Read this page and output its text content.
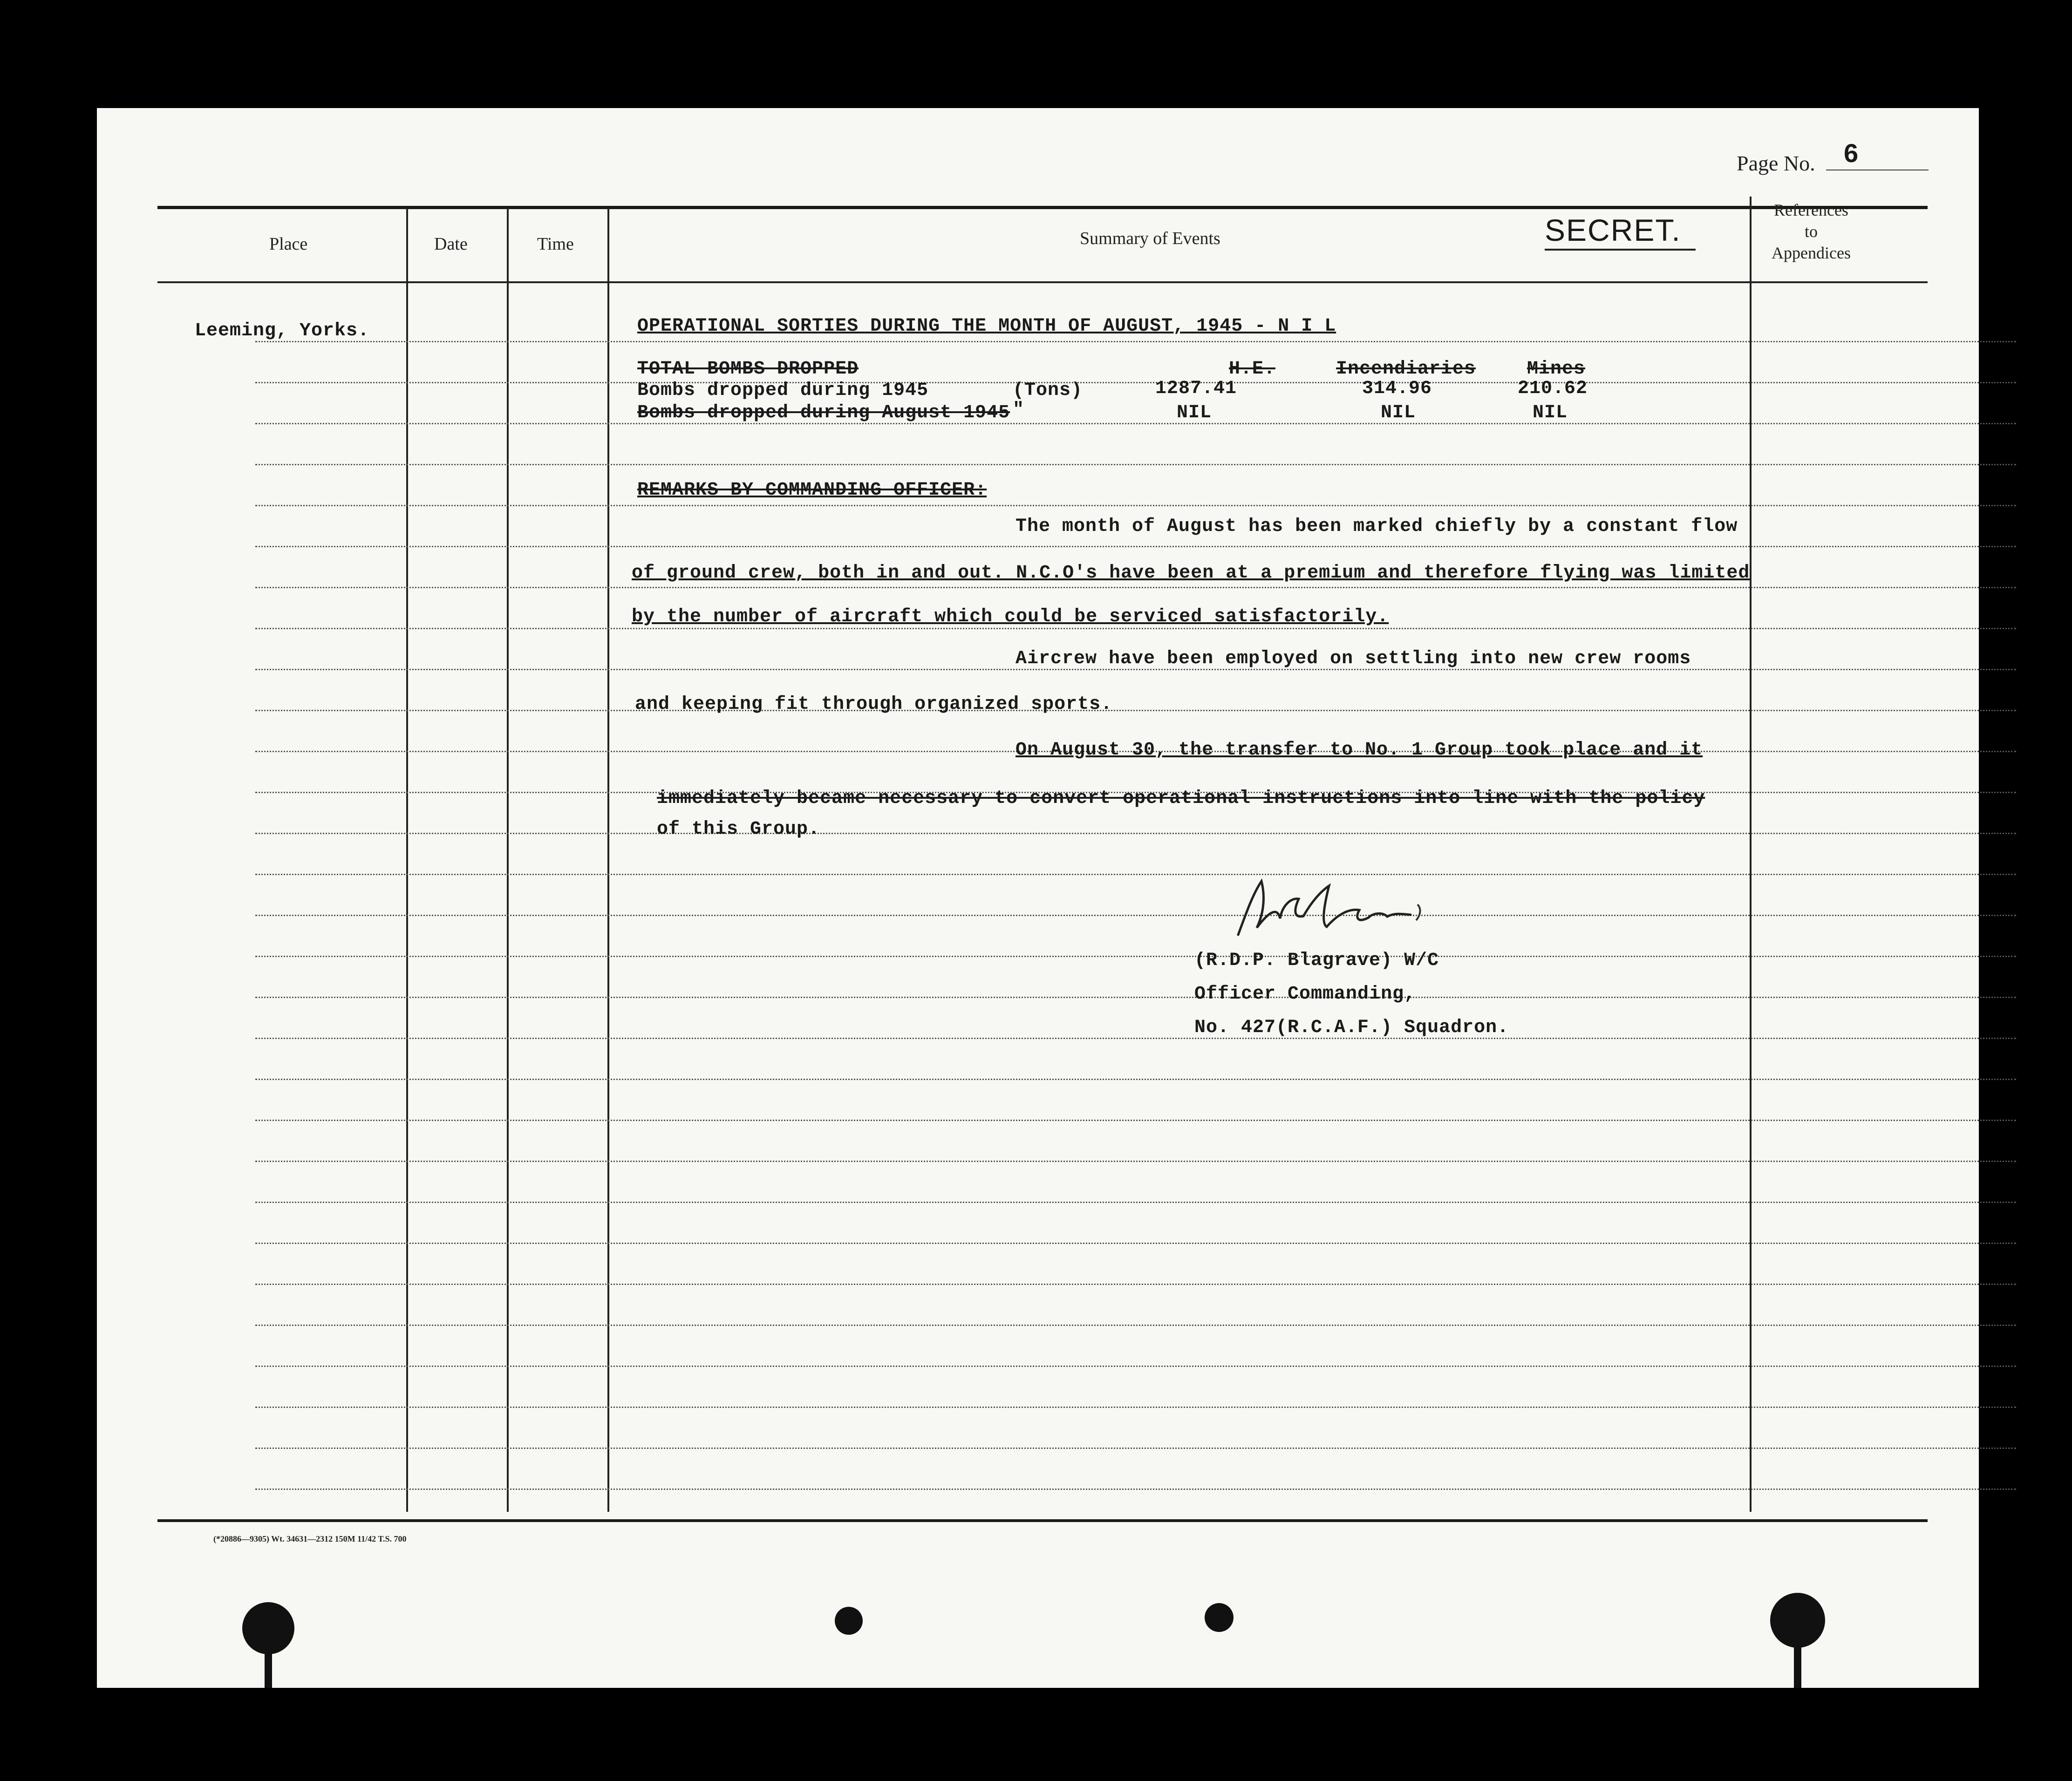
Page No. 6
Place	Date	Time	Summary of Events	SECRET.
References
to
Appendices
Leeming, Yorks.	OPERATIONAL SORTIES DURING THE MONTH OF AUGUST, 1945 - N I L
TOTAL BOMBS DROPPED	H.E.	Incendiaries	Mines
Bombs dropped during 1945	(Tons)	1287.41	314.96	210.62
Bombs dropped during August 1945 "	NIL	NIL	NIL
REMARKS BY COMMANDING OFFICER:
The month of August has been marked chiefly by a constant flow
of ground crew, both in and out. N.C.O's have been at a premium and therefore flying was limited
by the number of aircraft which could be serviced satisfactorily.
Aircrew have been employed on settling into new crew rooms
and keeping fit through organized sports.
On August 30, the transfer to No. 1 Group took place and it
immediately became necessary to convert operational instructions into line with the policy
of this Group.
(R.D.P. Blagrave) W/C
Officer Commanding,
No. 427(R.C.A.F.) Squadron.
(*20886—9305) Wt. 34631—2312 150M 11/42 T.S. 700
